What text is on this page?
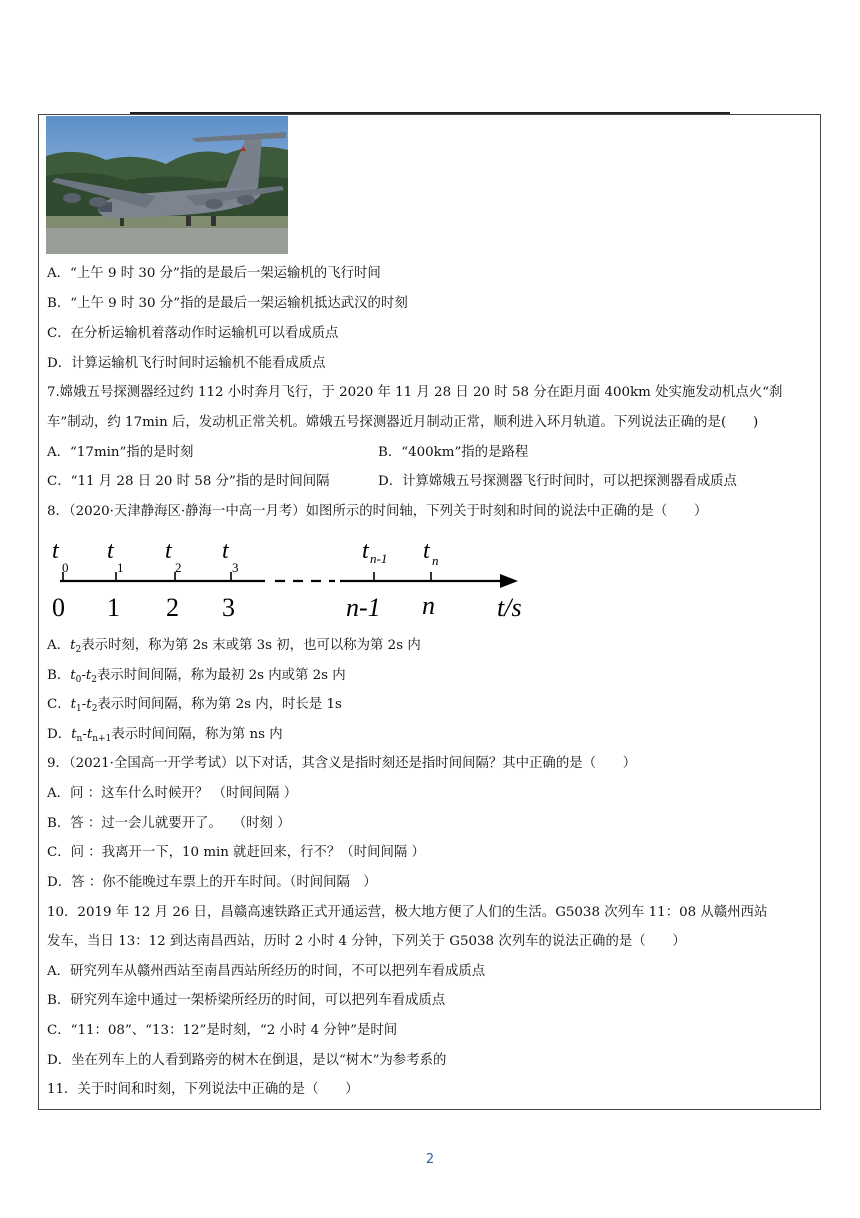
A．“上午 9 时 30 分”指的是最后一架运输机的飞行时间
B．“上午 9 时 30 分”指的是最后一架运输机抵达武汉的时刻
C．在分析运输机着落动作时运输机可以看成质点
D．计算运输机飞行时间时运输机不能看成质点
7.嫦娥五号探测器经过约 112 小时奔月飞行，于 2020 年 11 月 28 日 20 时 58 分在距月面 400km 处实施发动机点火“刹
车”制动，约 17min 后，发动机正常关机。嫦娥五号探测器近月制动正常，顺利进入环月轨道。下列说法正确的是(　　)
A．“17min”指的是时刻	B．“400km”指的是路程
C．“11 月 28 日 20 时 58 分”指的是时间间隔	D．计算嫦娥五号探测器飞行时间时，可以把探测器看成质点
8．（2020·天津静海区·静海一中高一月考）如图所示的时间轴，下列关于时刻和时间的说法中正确的是（　　）
t t t t	t t
0	1	2	3
n-1	n
0 1 2 3	n-1 n t/s
A．$t_2$表示时刻，称为第 2s 末或第 3s 初，也可以称为第 2s 内
B．$t_0-t_2$表示时间间隔，称为最初 2s 内或第 2s 内
C．$t_1-t_2$表示时间间隔，称为第 2s 内，时长是 1s
D．$t_n-t_{n+1}$表示时间间隔，称为第 ns 内
9．（2021·全国高一开学考试）以下对话，其含义是指时刻还是指时间间隔？其中正确的是（　　）
A．问 ：这车什么时候开？ （时间间隔 ）
B．答 ：过一会儿就要开了。　 （时刻 ）
C．问 ：我离开一下，10 min 就赶回来，行不？（时间间隔 ）
D．答 ：你不能晚过车票上的开车时间。（时间间隔　）
10．2019 年 12 月 26 日，昌赣高速铁路正式开通运营，极大地方便了人们的生活。G5038 次列车 11：08 从赣州西站
发车，当日 13：12 到达南昌西站，历时 2 小时 4 分钟，下列关于 G5038 次列车的说法正确的是（　　）
A．研究列车从赣州西站至南昌西站所经历的时间，不可以把列车看成质点
B．研究列车途中通过一架桥梁所经历的时间，可以把列车看成质点
C．“11：08”、“13：12”是时刻，“2 小时 4 分钟”是时间
D．坐在列车上的人看到路旁的树木在倒退，是以“树木”为参考系的
11．关于时间和时刻，下列说法中正确的是（　　）
2
